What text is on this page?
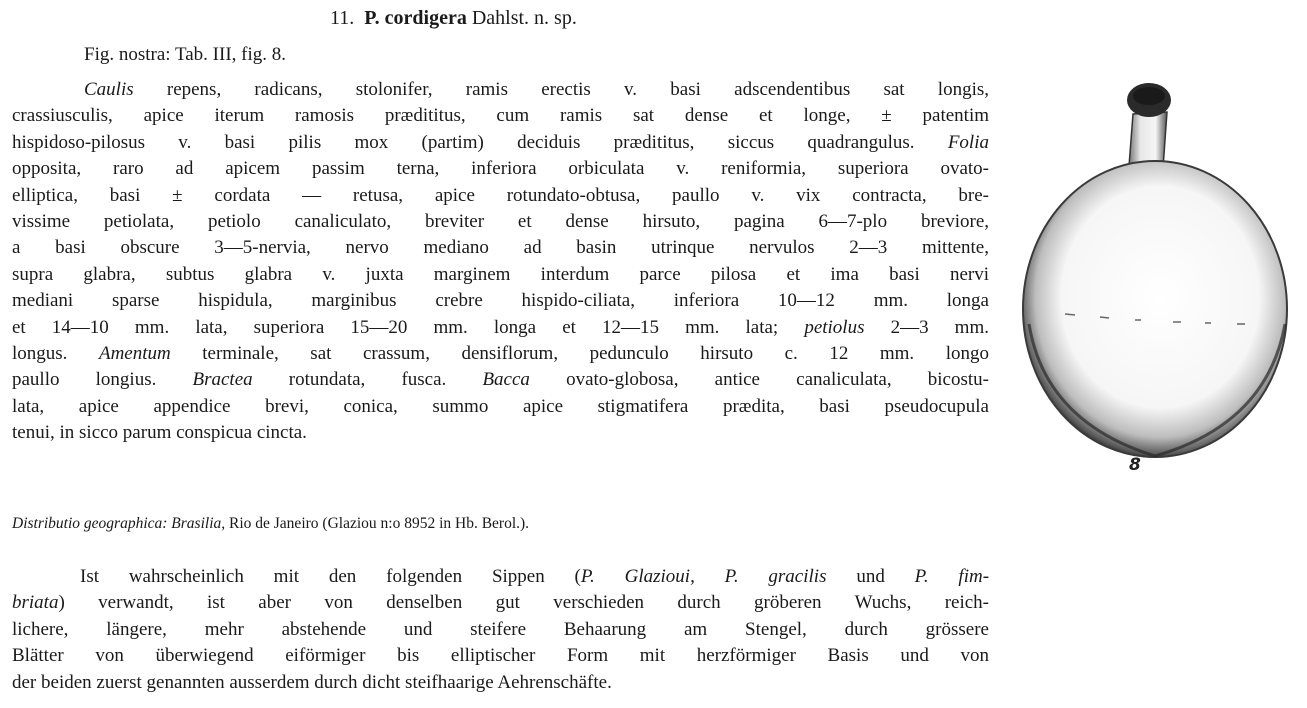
11. P. cordigera Dahlst. n. sp.
Fig. nostra: Tab. III, fig. 8.
Caulis repens, radicans, stolonifer, ramis erectis v. basi adscendentibus sat longis,
crassiusculis, apice iterum ramosis prædititus, cum ramis sat dense et longe, ± patentim
hispidoso-pilosus v. basi pilis mox (partim) deciduis prædititus, siccus quadrangulus. Folia
opposita, raro ad apicem passim terna, inferiora orbiculata v. reniformia, superiora ovato-
elliptica, basi ± cordata — retusa, apice rotundato-obtusa, paullo v. vix contracta, bre-
vissime petiolata, petiolo canaliculato, breviter et dense hirsuto, pagina 6—7-plo breviore,
a basi obscure 3—5-nervia, nervo mediano ad basin utrinque nervulos 2—3 mittente,
supra glabra, subtus glabra v. juxta marginem interdum parce pilosa et ima basi nervi
mediani sparse hispidula, marginibus crebre hispido-ciliata, inferiora 10—12 mm. longa
et 14—10 mm. lata, superiora 15—20 mm. longa et 12—15 mm. lata; petiolus 2—3 mm.
longus. Amentum terminale, sat crassum, densiflorum, pedunculo hirsuto c. 12 mm. longo
paullo longius. Bractea rotundata, fusca. Bacca ovato-globosa, antice canaliculata, bicostu-
lata, apice appendice brevi, conica, summo apice stigmatifera prædita, basi pseudocupula
tenui, in sicco parum conspicua cincta.
Distributio geographica: Brasilia, Rio de Janeiro (Glaziou n:o 8952 in Hb. Berol.).
Ist wahrscheinlich mit den folgenden Sippen (P. Glazioui, P. gracilis und P. fim-
briata) verwandt, ist aber von denselben gut verschieden durch gröberen Wuchs, reich-
lichere, längere, mehr abstehende und steifere Behaarung am Stengel, durch grössere
Blätter von überwiegend eiförmiger bis elliptischer Form mit herzförmiger Basis und von
der beiden zuerst genannten ausserdem durch dicht steifhaarige Aehrenschäfte.
8
